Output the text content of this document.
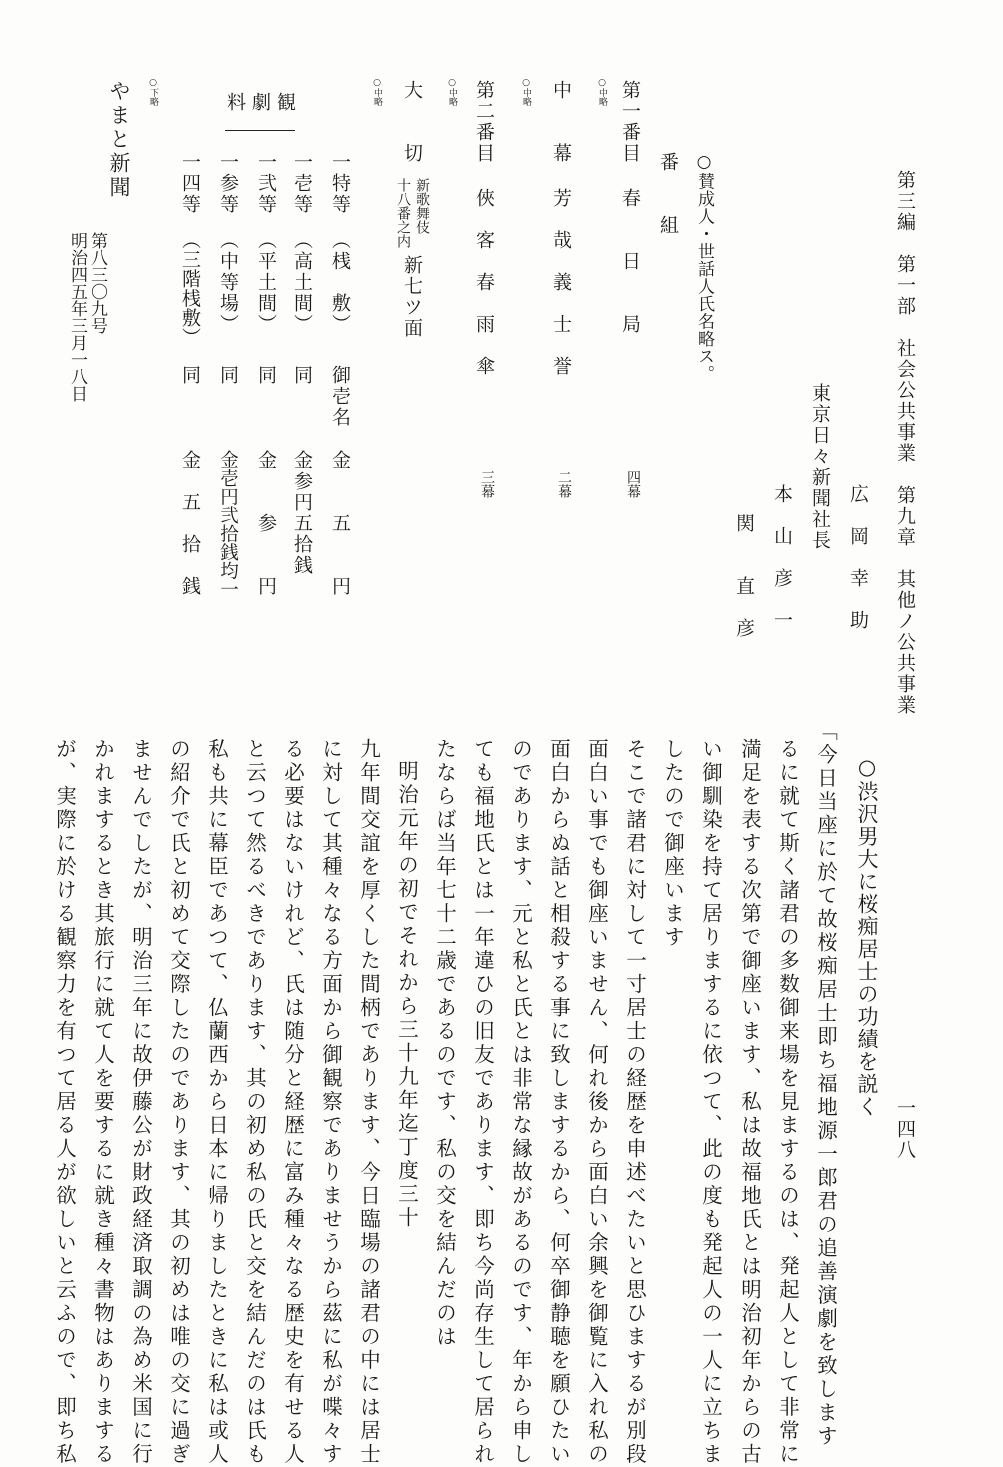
第三編　第一部　社会公共事業　第九章　其他ノ公共事業
一四八
広　岡　幸　助
東京日々新聞社長
本　山　彦　一
関　　直　彦
○賛成人・世話人氏名略ス。
番　　組
○中略 第一番目
春　　日　　局
四幕
○中略 中　　幕
芳　哉　義　士　誉
二幕
○中略 第二番目
俠　客　春　雨　傘
三幕
○中略 大　　切
新歌舞伎
十八番之内
新七ツ面
観
劇
料
一特等
（桟　敷）
御壱名
金　　五　　円
一壱等
（高土間）
同
金参円五拾銭
一弐等
（平土間）
同
金　　参　　円
一参等
（中等場）
同
金壱円弐拾銭均一
一四等
（三階桟敷）
同
金　五　拾　銭
○下略
やまと新聞
第八三〇九号
明治四五年三月一八日
○渋沢男大に桜痴居士の功績を説く
「今日当座に於て故桜痴居士即ち福地源一郎君の追善演劇を致します
るに就て斯く諸君の多数御来場を見まするのは、発起人として非常に
満足を表する次第で御座います、私は故福地氏とは明治初年からの古
い御馴染を持て居りまするに依つて、此の度も発起人の一人に立ちま
したので御座います
そこで諸君に対して一寸居士の経歴を申述べたいと思ひまするが別段
面白い事でも御座いません、何れ後から面白い余興を御覧に入れ私の
面白からぬ話と相殺する事に致しまするから、何卒御静聴を願ひたい
のであります、元と私と氏とは非常な縁故があるのです、年から申し
ても福地氏とは一年違ひの旧友であります、即ち今尚存生して居られ
たならば当年七十二歳であるのです、私の交を結んだのは
明治元年の初でそれから三十九年迄丁度三十
九年間交誼を厚くした間柄であります、今日臨場の諸君の中には居士
に対して其種々なる方面から御観察でありませうから茲に私が喋々す
る必要はないけれど、氏は随分と経歴に富み種々なる歴史を有せる人
と云つて然るべきであります、其の初め私の氏と交を結んだのは氏も
私も共に幕臣であつて、仏蘭西から日本に帰りましたときに私は或人
の紹介で氏と初めて交際したのであります、其の初めは唯の交に過ぎ
ませんでしたが、明治三年に故伊藤公が財政経済取調の為め米国に行
かれまするとき其旅行に就て人を要するに就き種々書物はありまする
が、実際に於ける観察力を有つて居る人が欲しいと云ふので、即ち私
